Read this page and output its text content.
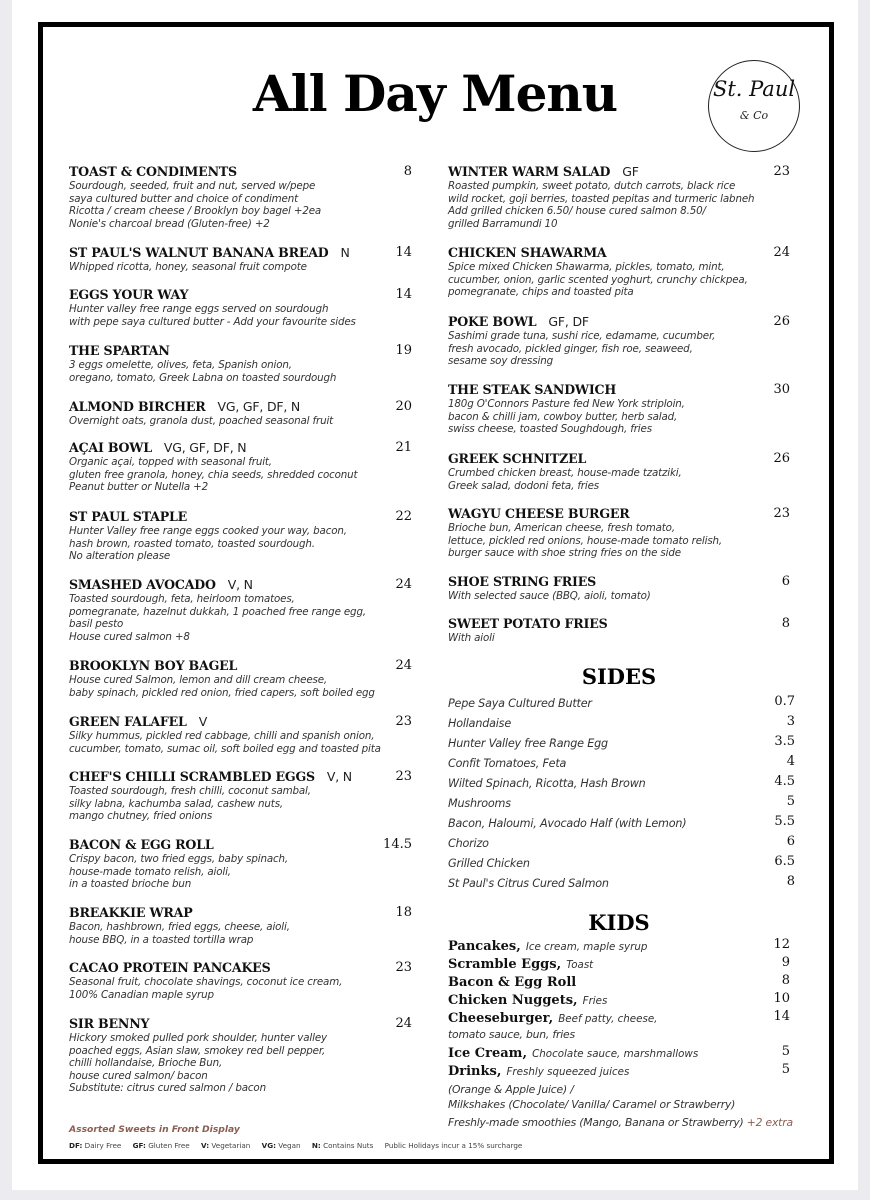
All Day Menu	St. Paul
& Co
TOAST & CONDIMENTS	8
Sourdough, seeded, fruit and nut, served w/pepe
saya cultured butter and choice of condiment
Ricotta / cream cheese / Brooklyn boy bagel +2ea
Nonie's charcoal bread (Gluten-free) +2
ST PAUL'S WALNUT BANANA BREAD N	14
Whipped ricotta, honey, seasonal fruit compote
EGGS YOUR WAY	14
Hunter valley free range eggs served on sourdough
with pepe saya cultured butter - Add your favourite sides
THE SPARTAN	19
3 eggs omelette, olives, feta, Spanish onion,
oregano, tomato, Greek Labna on toasted sourdough
ALMOND BIRCHER VG, GF, DF, N	20
Overnight oats, granola dust, poached seasonal fruit
AÇAI BOWL VG, GF, DF, N	21
Organic açai, topped with seasonal fruit,
gluten free granola, honey, chia seeds, shredded coconut
Peanut butter or Nutella +2
ST PAUL STAPLE	22
Hunter Valley free range eggs cooked your way, bacon,
hash brown, roasted tomato, toasted sourdough.
No alteration please
SMASHED AVOCADO V, N	24
Toasted sourdough, feta, heirloom tomatoes,
pomegranate, hazelnut dukkah, 1 poached free range egg,
basil pesto
House cured salmon +8
BROOKLYN BOY BAGEL	24
House cured Salmon, lemon and dill cream cheese,
baby spinach, pickled red onion, fried capers, soft boiled egg
GREEN FALAFEL V	23
Silky hummus, pickled red cabbage, chilli and spanish onion,
cucumber, tomato, sumac oil, soft boiled egg and toasted pita
CHEF'S CHILLI SCRAMBLED EGGS V, N	23
Toasted sourdough, fresh chilli, coconut sambal,
silky labna, kachumba salad, cashew nuts,
mango chutney, fried onions
BACON & EGG ROLL	14.5
Crispy bacon, two fried eggs, baby spinach,
house-made tomato relish, aioli,
in a toasted brioche bun
BREAKKIE WRAP	18
Bacon, hashbrown, fried eggs, cheese, aioli,
house BBQ, in a toasted tortilla wrap
CACAO PROTEIN PANCAKES	23
Seasonal fruit, chocolate shavings, coconut ice cream,
100% Canadian maple syrup
SIR BENNY	24
Hickory smoked pulled pork shoulder, hunter valley
poached eggs, Asian slaw, smokey red bell pepper,
chilli hollandaise, Brioche Bun,
house cured salmon/ bacon
Substitute: citrus cured salmon / bacon
WINTER WARM SALAD GF	23
Roasted pumpkin, sweet potato, dutch carrots, black rice
wild rocket, goji berries, toasted pepitas and turmeric labneh
Add grilled chicken 6.50/ house cured salmon 8.50/
grilled Barramundi 10
CHICKEN SHAWARMA	24
Spice mixed Chicken Shawarma, pickles, tomato, mint,
cucumber, onion, garlic scented yoghurt, crunchy chickpea,
pomegranate, chips and toasted pita
POKE BOWL GF, DF	26
Sashimi grade tuna, sushi rice, edamame, cucumber,
fresh avocado, pickled ginger, fish roe, seaweed,
sesame soy dressing
THE STEAK SANDWICH	30
180g O'Connors Pasture fed New York striploin,
bacon & chilli jam, cowboy butter, herb salad,
swiss cheese, toasted Soughdough, fries
GREEK SCHNITZEL	26
Crumbed chicken breast, house-made tzatziki,
Greek salad, dodoni feta, fries
WAGYU CHEESE BURGER	23
Brioche bun, American cheese, fresh tomato,
lettuce, pickled red onions, house-made tomato relish,
burger sauce with shoe string fries on the side
SHOE STRING FRIES	6
With selected sauce (BBQ, aioli, tomato)
SWEET POTATO FRIES	8
With aioli
SIDES
Pepe Saya Cultured Butter	0.7
Hollandaise	3
Hunter Valley free Range Egg	3.5
Confit Tomatoes, Feta	4
Wilted Spinach, Ricotta, Hash Brown	4.5
Mushrooms	5
Bacon, Haloumi, Avocado Half (with Lemon)	5.5
Chorizo	6
Grilled Chicken	6.5
St Paul's Citrus Cured Salmon	8
KIDS
Pancakes, Ice cream, maple syrup	12
Scramble Eggs, Toast	9
Bacon & Egg Roll	8
Chicken Nuggets, Fries	10
Cheeseburger, Beef patty, cheese,	14
Ice Cream, Chocolate sauce, marshmallows	5
Drinks, Freshly squeezed juices	5
tomato sauce, bun, fries
(Orange & Apple Juice) /
Milkshakes (Chocolate/ Vanilla/ Caramel or Strawberry)
Freshly-made smoothies (Mango, Banana or Strawberry) +2 extra
Assorted Sweets in Front Display
DF: Dairy Free GF: Gluten Free V: Vegetarian VG: Vegan N: Contains Nuts Public Holidays incur a 15% surcharge
